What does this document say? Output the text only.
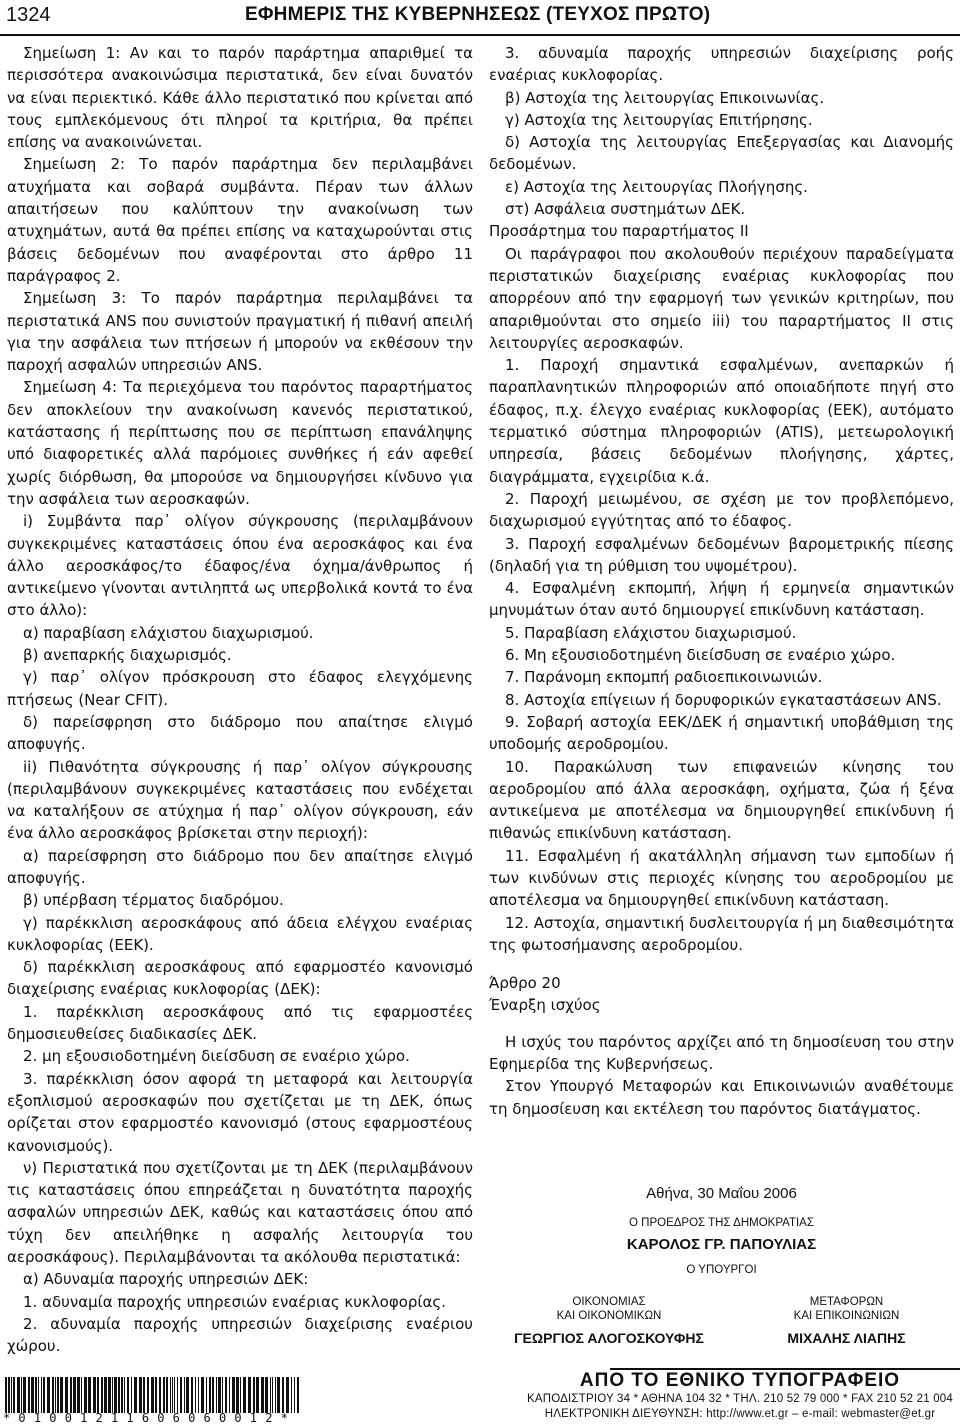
1324	ΕΦΗΜΕΡΙΣ ΤΗΣ ΚΥΒΕΡΝΗΣΕΩΣ (ΤΕΥΧΟΣ ΠΡΩΤΟ)

Σημείωση 1: Αν και το παρόν παράρτημα απαριθμεί τα περισσότερα ανακοινώσιμα περιστατικά, δεν είναι δυνατόν να είναι περιεκτικό. Κάθε άλλο περιστατικό που κρίνεται από τους εμπλεκόμενους ότι πληροί τα κριτήρια, θα πρέπει επίσης να ανακοινώνεται.

Σημείωση 2: Το παρόν παράρτημα δεν περιλαμβάνει ατυχήματα και σοβαρά συμβάντα. Πέραν των άλλων απαιτήσεων που καλύπτουν την ανακοίνωση των ατυχημάτων, αυτά θα πρέπει επίσης να καταχωρούνται στις βάσεις δεδομένων που αναφέρονται στο άρθρο 11 παράγραφος 2.

Σημείωση 3: Το παρόν παράρτημα περιλαμβάνει τα περιστατικά ANS που συνιστούν πραγματική ή πιθανή απειλή για την ασφάλεια των πτήσεων ή μπορούν να εκθέσουν την παροχή ασφαλών υπηρεσιών ANS.

Σημείωση 4: Τα περιεχόμενα του παρόντος παραρτήματος δεν αποκλείουν την ανακοίνωση κανενός περιστατικού, κατάστασης ή περίπτωσης που σε περίπτωση επανάληψης υπό διαφορετικές αλλά παρόμοιες συνθήκες ή εάν αφεθεί χωρίς διόρθωση, θα μπορούσε να δημιουργήσει κίνδυνο για την ασφάλεια των αεροσκαφών.

i) Συμβάντα παρ᾽ ολίγον σύγκρουσης (περιλαμβάνουν συγκεκριμένες καταστάσεις όπου ένα αεροσκάφος και ένα άλλο αεροσκάφος/το έδαφος/ένα όχημα/άνθρωπος ή αντικείμενο γίνονται αντιληπτά ως υπερβολικά κοντά το ένα στο άλλο):

α) παραβίαση ελάχιστου διαχωρισμού.

β) ανεπαρκής διαχωρισμός.

γ) παρ᾽ ολίγον πρόσκρουση στο έδαφος ελεγχόμενης πτήσεως (Near CFIT).

δ) παρείσφρηση στο διάδρομο που απαίτησε ελιγμό αποφυγής.

ii) Πιθανότητα σύγκρουσης ή παρ᾽ ολίγον σύγκρουσης (περιλαμβάνουν συγκεκριμένες καταστάσεις που ενδέχεται να καταλήξουν σε ατύχημα ή παρ᾽ ολίγον σύγκρουση, εάν ένα άλλο αεροσκάφος βρίσκεται στην περιοχή):

α) παρείσφρηση στο διάδρομο που δεν απαίτησε ελιγμό αποφυγής.

β) υπέρβαση τέρματος διαδρόμου.

γ) παρέκκλιση αεροσκάφους από άδεια ελέγχου εναέριας κυκλοφορίας (ΕΕΚ).

δ) παρέκκλιση αεροσκάφους από εφαρμοστέο κανονισμό διαχείρισης εναέριας κυκλοφορίας (ΔΕΚ):

1. παρέκκλιση αεροσκάφους από τις εφαρμοστέες δημοσιευθείσες διαδικασίες ΔΕΚ.

2. μη εξουσιοδοτημένη διείσδυση σε εναέριο χώρο.

3. παρέκκλιση όσον αφορά τη μεταφορά και λειτουργία εξοπλισμού αεροσκαφών που σχετίζεται με τη ΔΕΚ, όπως ορίζεται στον εφαρμοστέο κανονισμό (στους εφαρμοστέους κανονισμούς).

ν) Περιστατικά που σχετίζονται με τη ΔΕΚ (περιλαμβάνουν τις καταστάσεις όπου επηρεάζεται η δυνατότητα παροχής ασφαλών υπηρεσιών ΔΕΚ, καθώς και καταστάσεις όπου από τύχη δεν απειλήθηκε η ασφαλής λειτουργία του αεροσκάφους). Περιλαμβάνονται τα ακόλουθα περιστατικά:

α) Αδυναμία παροχής υπηρεσιών ΔΕΚ:

1. αδυναμία παροχής υπηρεσιών εναέριας κυκλοφορίας.

2. αδυναμία παροχής υπηρεσιών διαχείρισης εναέριου χώρου.

3. αδυναμία παροχής υπηρεσιών διαχείρισης ροής εναέριας κυκλοφορίας.

β) Αστοχία της λειτουργίας Επικοινωνίας.

γ) Αστοχία της λειτουργίας Επιτήρησης.

δ) Αστοχία της λειτουργίας Επεξεργασίας και Διανομής δεδομένων.

ε) Αστοχία της λειτουργίας Πλοήγησης.

στ) Ασφάλεια συστημάτων ΔΕΚ.

Προσάρτημα του παραρτήματος ΙΙ

Οι παράγραφοι που ακολουθούν περιέχουν παραδείγματα περιστατικών διαχείρισης εναέριας κυκλοφορίας που απορρέουν από την εφαρμογή των γενικών κριτηρίων, που απαριθμούνται στο σημείο iii) του παραρτήματος ΙΙ στις λειτουργίες αεροσκαφών.

1. Παροχή σημαντικά εσφαλμένων, ανεπαρκών ή παραπλανητικών πληροφοριών από οποιαδήποτε πηγή στο έδαφος, π.χ. έλεγχο εναέριας κυκλοφορίας (ΕΕΚ), αυτόματο τερματικό σύστημα πληροφοριών (ATIS), μετεωρολογική υπηρεσία, βάσεις δεδομένων πλοήγησης, χάρτες, διαγράμματα, εγχειρίδια κ.ά.

2. Παροχή μειωμένου, σε σχέση με τον προβλεπόμενο, διαχωρισμού εγγύτητας από το έδαφος.

3. Παροχή εσφαλμένων δεδομένων βαρομετρικής πίεσης (δηλαδή για τη ρύθμιση του υψομέτρου).

4. Εσφαλμένη εκπομπή, λήψη ή ερμηνεία σημαντικών μηνυμάτων όταν αυτό δημιουργεί επικίνδυνη κατάσταση.

5. Παραβίαση ελάχιστου διαχωρισμού.

6. Μη εξουσιοδοτημένη διείσδυση σε εναέριο χώρο.

7. Παράνομη εκπομπή ραδιοεπικοινωνιών.

8. Αστοχία επίγειων ή δορυφορικών εγκαταστάσεων ANS.

9. Σοβαρή αστοχία ΕΕΚ/ΔΕΚ ή σημαντική υποβάθμιση της υποδομής αεροδρομίου.

10. Παρακώλυση των επιφανειών κίνησης του αεροδρομίου από άλλα αεροσκάφη, οχήματα, ζώα ή ξένα αντικείμενα με αποτέλεσμα να δημιουργηθεί επικίνδυνη ή πιθανώς επικίνδυνη κατάσταση.

11. Εσφαλμένη ή ακατάλληλη σήμανση των εμποδίων ή των κινδύνων στις περιοχές κίνησης του αεροδρομίου με αποτέλεσμα να δημιουργηθεί επικίνδυνη κατάσταση.

12. Αστοχία, σημαντική δυσλειτουργία ή μη διαθεσιμότητα της φωτοσήμανσης αεροδρομίου.

Άρθρο 20

Έναρξη ισχύος

Η ισχύς του παρόντος αρχίζει από τη δημοσίευση του στην Εφημερίδα της Κυβερνήσεως.

Στον Υπουργό Μεταφορών και Επικοινωνιών αναθέτουμε τη δημοσίευση και εκτέλεση του παρόντος διατάγματος.

Αθήνα, 30 Μαΐου 2006
Ο ΠΡΟΕΔΡΟΣ ΤΗΣ ΔΗΜΟΚΡΑΤΙΑΣ
ΚΑΡΟΛΟΣ ΓΡ. ΠΑΠΟΥΛΙΑΣ
Ο ΥΠΟΥΡΓΟΙ
ΟΙΚΟΝΟΜΙΑΣ
ΚΑΙ ΟΙΚΟΝΟΜΙΚΩΝ
ΓΕΩΡΓΙΟΣ ΑΛΟΓΟΣΚΟΥΦΗΣ
ΜΕΤΑΦΟΡΩΝ
ΚΑΙ ΕΠΙΚΟΙΝΩΝΙΩΝ
ΜΙΧΑΛΗΣ ΛΙΑΠΗΣ
*01001211606060012*
ΑΠΟ ΤΟ ΕΘΝΙΚΟ ΤΥΠΟΓΡΑΦΕΙΟ
ΚΑΠΟΔΙΣΤΡΙΟΥ 34 * ΑΘΗΝΑ 104 32 * ΤΗΛ. 210 52 79 000 * FAX 210 52 21 004
ΗΛΕΚΤΡΟΝΙΚΗ ΔΙΕΥΘΥΝΣΗ: http://www.et.gr – e-mail: webmaster@et.gr
